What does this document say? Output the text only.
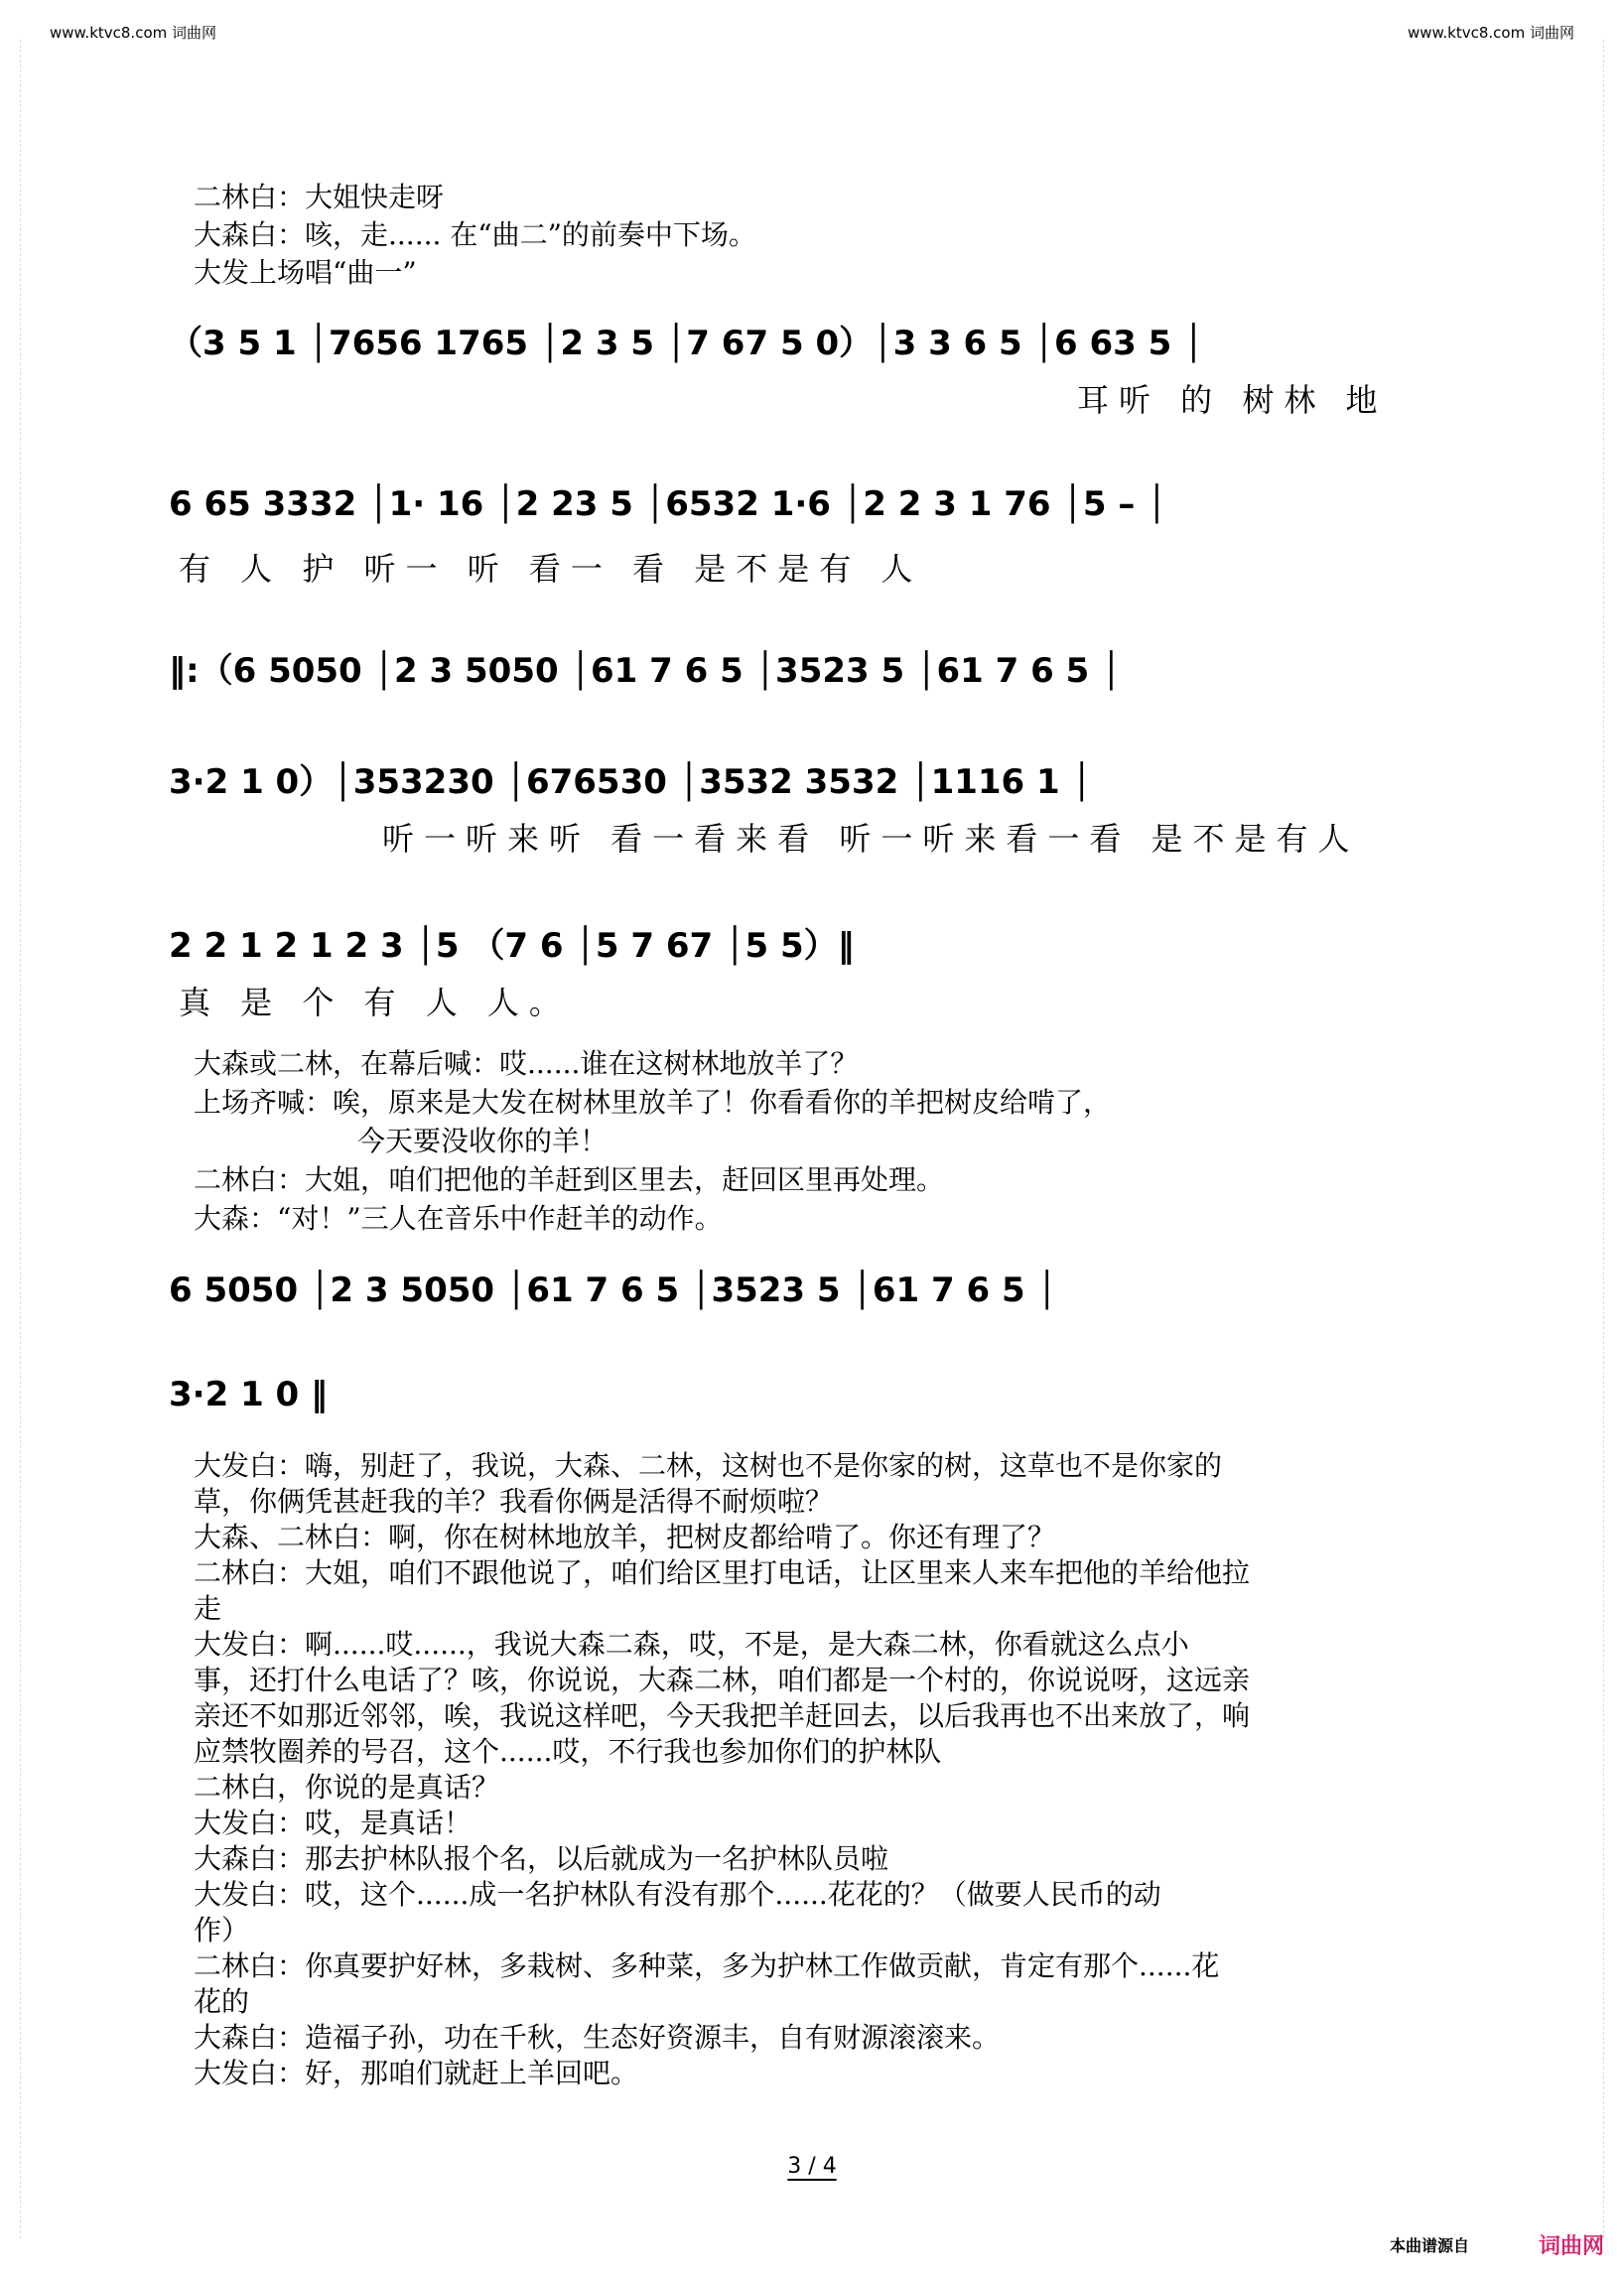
www.ktvc8.com 词曲网	www.ktvc8.com 词曲网
二林白：大姐快走呀
大森白：咳，走...... 在“曲二”的前奏中下场。
大发上场唱“曲一”
（3 5 1 │7656 1765 │2 3 5 │7 67 5 0）│3 3 6 5 │6 63 5 │
耳听 的 树林 地
6 65 3332 │1· 16 │2 23 5 │6532 1·6 │2 2 3 1 76 │5 – │
有 人 护 听一 听 看一 看 是不是有 人
‖:（6 5050 │2 3 5050 │61 7 6 5 │3523 5 │61 7 6 5 │
3·2 1 0）│353230 │676530 │3532 3532 │1116 1 │
听一听来听 看一看来看 听一听来看一看 是不是有人
2 2 1 2 1 2 3 │5 （7 6 │5 7 67 │5 5）‖
真 是 个 有 人 人。
大森或二林，在幕后喊：哎......谁在这树林地放羊了？
上场齐喊：唉，原来是大发在树林里放羊了！你看看你的羊把树皮给啃了，
今天要没收你的羊！
二林白：大姐，咱们把他的羊赶到区里去，赶回区里再处理。
大森：“对！”三人在音乐中作赶羊的动作。
6 5050 │2 3 5050 │61 7 6 5 │3523 5 │61 7 6 5 │
3·2 1 0 ‖
大发白：嗨，别赶了，我说，大森、二林，这树也不是你家的树，这草也不是你家的
草，你俩凭甚赶我的羊？我看你俩是活得不耐烦啦？
大森、二林白：啊，你在树林地放羊，把树皮都给啃了。你还有理了？
二林白：大姐，咱们不跟他说了，咱们给区里打电话，让区里来人来车把他的羊给他拉
走
大发白：啊......哎......，我说大森二森，哎，不是，是大森二林，你看就这么点小
事，还打什么电话了？咳，你说说，大森二林，咱们都是一个村的，你说说呀，这远亲
亲还不如那近邻邻，唉，我说这样吧，今天我把羊赶回去，以后我再也不出来放了，响
应禁牧圈养的号召，这个......哎，不行我也参加你们的护林队
二林白，你说的是真话？
大发白：哎，是真话！
大森白：那去护林队报个名，以后就成为一名护林队员啦
大发白：哎，这个......成一名护林队有没有那个......花花的？（做要人民币的动
作）
二林白：你真要护好林，多栽树、多种菜，多为护林工作做贡献，肯定有那个......花
花的
大森白：造福子孙，功在千秋，生态好资源丰，自有财源滚滚来。
大发白：好，那咱们就赶上羊回吧。
3 / 4
本曲谱源自	词曲网
